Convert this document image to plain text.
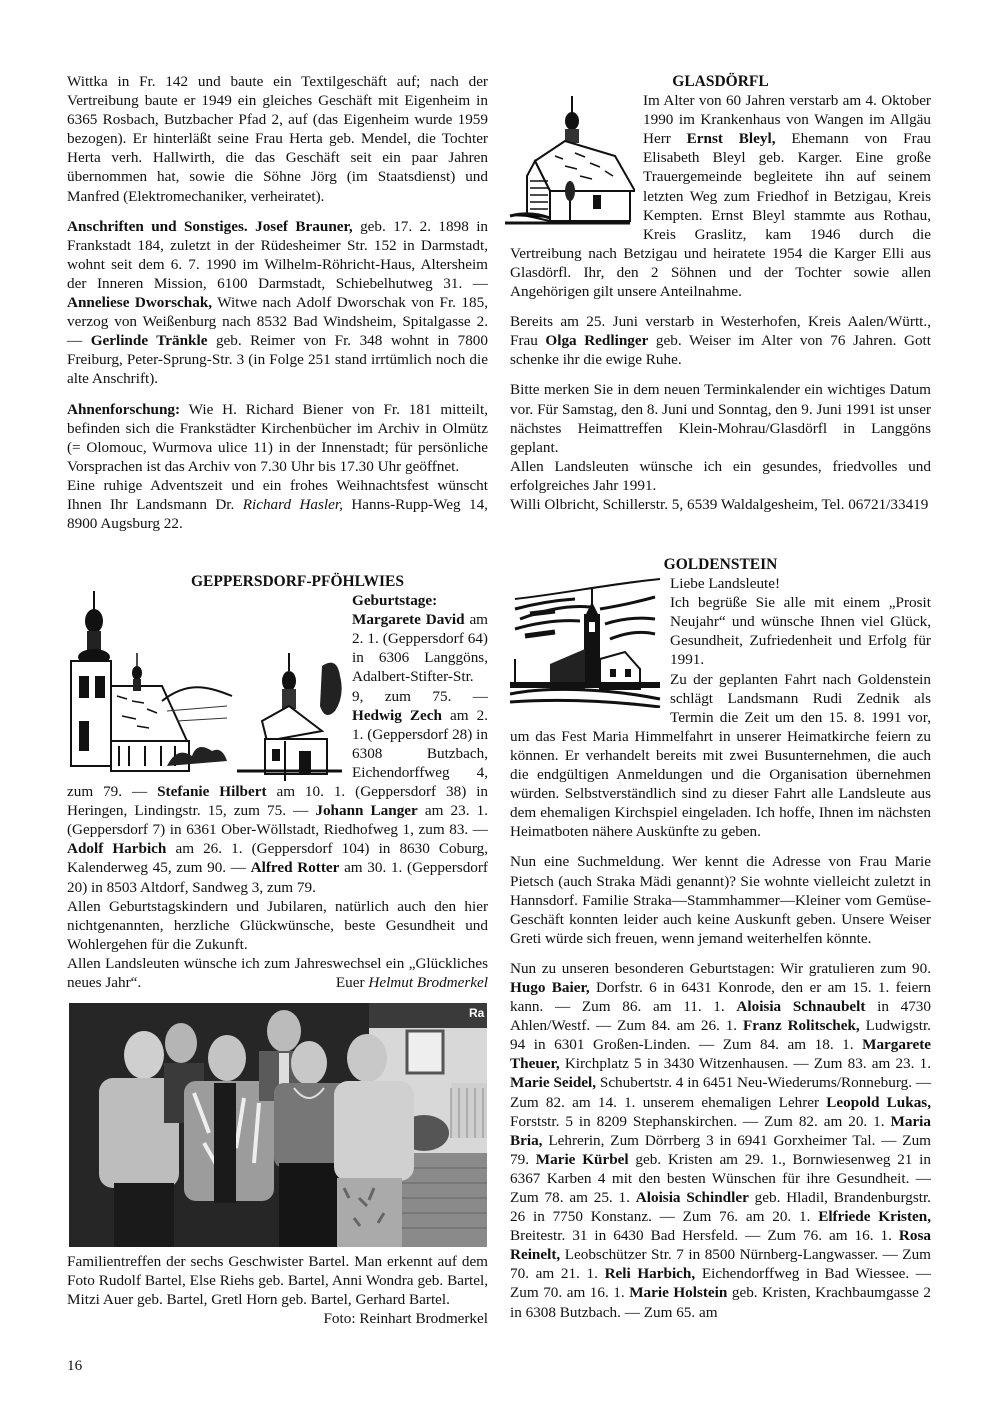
Wittka in Fr. 142 und baute ein Textilgeschäft auf; nach der Vertreibung baute er 1949 ein gleiches Geschäft mit Eigenheim in 6365 Rosbach, Butzbacher Pfad 2, auf (das Eigenheim wurde 1959 bezogen). Er hinterläßt seine Frau Herta geb. Mendel, die Tochter Herta verh. Hallwirth, die das Geschäft seit ein paar Jahren übernommen hat, sowie die Söhne Jörg (im Staatsdienst) und Manfred (Elektromechaniker, verheiratet).

Anschriften und Sonstiges. Josef Brauner, geb. 17. 2. 1898 in Frankstadt 184, zuletzt in der Rüdesheimer Str. 152 in Darmstadt, wohnt seit dem 6. 7. 1990 im Wilhelm-Röhricht-Haus, Altersheim der Inneren Mission, 6100 Darmstadt, Schiebelhutweg 31. — Anneliese Dworschak, Witwe nach Adolf Dworschak von Fr. 185, verzog von Weißenburg nach 8532 Bad Windsheim, Spitalgasse 2. — Gerlinde Tränkle geb. Reimer von Fr. 348 wohnt in 7800 Freiburg, Peter-Sprung-Str. 3 (in Folge 251 stand irrtümlich noch die alte Anschrift).

Ahnenforschung: Wie H. Richard Biener von Fr. 181 mitteilt, befinden sich die Frankstädter Kirchenbücher im Archiv in Olmütz (= Olomouc, Wurmova ulice 11) in der Innenstadt; für persönliche Vorsprachen ist das Archiv von 7.30 Uhr bis 17.30 Uhr geöffnet.

Eine ruhige Adventszeit und ein frohes Weihnachtsfest wünscht Ihnen Ihr Landsmann Dr. Richard Hasler, Hanns-Rupp-Weg 14, 8900 Augsburg 22.

GEPPERSDORF-PFÖHLWIES

Geburtstage:

Margarete David am 2. 1. (Geppersdorf 64) in 6306 Langgöns, Adalbert-Stifter-Str. 9, zum 75. — Hedwig Zech am 2. 1. (Geppersdorf 28) in 6308 Butzbach, Eichendorffweg 4, zum 79. — Stefanie Hilbert am 10. 1. (Geppersdorf 38) in Heringen, Lindingstr. 15, zum 75. — Johann Langer am 23. 1. (Geppersdorf 7) in 6361 Ober-Wöllstadt, Riedhofweg 1, zum 83. — Adolf Harbich am 26. 1. (Geppersdorf 104) in 8630 Coburg, Kalenderweg 45, zum 90. — Alfred Rotter am 30. 1. (Geppersdorf 20) in 8503 Altdorf, Sandweg 3, zum 79.

Allen Geburtstagskindern und Jubilaren, natürlich auch den hier nichtgenannten, herzliche Glückwünsche, beste Gesundheit und Wohlergehen für die Zukunft.

Allen Landsleuten wünsche ich zum Jahreswechsel ein „Glückliches neues Jahr“.	Euer Helmut Brodmerkel

Ra
Familientreffen der sechs Geschwister Bartel. Man erkennt auf dem Foto Rudolf Bartel, Else Riehs geb. Bartel, Anni Wondra geb. Bartel, Mitzi Auer geb. Bartel, Gretl Horn geb. Bartel, Gerhard Bartel.
Foto: Reinhart Brodmerkel
16

GLASDÖRFL

Im Alter von 60 Jahren verstarb am 4. Oktober 1990 im Krankenhaus von Wangen im Allgäu Herr Ernst Bleyl, Ehemann von Frau Elisabeth Bleyl geb. Karger. Eine große Trauergemeinde begleitete ihn auf seinem letzten Weg zum Friedhof in Betzigau, Kreis Kempten. Ernst Bleyl stammte aus Rothau, Kreis Graslitz, kam 1946 durch die Vertreibung nach Betzigau und heiratete 1954 die Karger Elli aus Glasdörfl. Ihr, den 2 Söhnen und der Tochter sowie allen Angehörigen gilt unsere Anteilnahme.

Bereits am 25. Juni verstarb in Westerhofen, Kreis Aalen/Württ., Frau Olga Redlinger geb. Weiser im Alter von 76 Jahren. Gott schenke ihr die ewige Ruhe.

Bitte merken Sie in dem neuen Terminkalender ein wichtiges Datum vor. Für Samstag, den 8. Juni und Sonntag, den 9. Juni 1991 ist unser nächstes Heimattreffen Klein-Mohrau/Glasdörfl in Langgöns geplant.

Allen Landsleuten wünsche ich ein gesundes, friedvolles und erfolgreiches Jahr 1991.

Willi Olbricht, Schillerstr. 5, 6539 Waldalgesheim, Tel. 06721/33419

GOLDENSTEIN

Liebe Landsleute!

Ich begrüße Sie alle mit einem „Prosit Neujahr“ und wünsche Ihnen viel Glück, Gesundheit, Zufriedenheit und Erfolg für 1991.

Zu der geplanten Fahrt nach Goldenstein schlägt Landsmann Rudi Zednik als Termin die Zeit um den 15. 8. 1991 vor, um das Fest Maria Himmelfahrt in unserer Heimatkirche feiern zu können. Er verhandelt bereits mit zwei Busunternehmen, die auch die endgültigen Anmeldungen und die Organisation übernehmen würden. Selbstverständlich sind zu dieser Fahrt alle Landsleute aus dem ehemaligen Kirchspiel eingeladen. Ich hoffe, Ihnen im nächsten Heimatboten nähere Auskünfte zu geben.

Nun eine Suchmeldung. Wer kennt die Adresse von Frau Marie Pietsch (auch Straka Mädi genannt)? Sie wohnte vielleicht zuletzt in Hannsdorf. Familie Straka—Stammhammer—Kleiner vom Gemüse-Geschäft konnten leider auch keine Auskunft geben. Unsere Weiser Greti würde sich freuen, wenn jemand weiterhelfen könnte.

Nun zu unseren besonderen Geburtstagen: Wir gratulieren zum 90. Hugo Baier, Dorfstr. 6 in 6431 Konrode, den er am 15. 1. feiern kann. — Zum 86. am 11. 1. Aloisia Schnaubelt in 4730 Ahlen/Westf. — Zum 84. am 26. 1. Franz Rolitschek, Ludwigstr. 94 in 6301 Großen-Linden. — Zum 84. am 18. 1. Margarete Theuer, Kirchplatz 5 in 3430 Witzenhausen. — Zum 83. am 23. 1. Marie Seidel, Schubertstr. 4 in 6451 Neu-Wiederums/Ronneburg. — Zum 82. am 14. 1. unserem ehemaligen Lehrer Leopold Lukas, Forststr. 5 in 8209 Stephanskirchen. — Zum 82. am 20. 1. Maria Bria, Lehrerin, Zum Dörrberg 3 in 6941 Gorxheimer Tal. — Zum 79. Marie Kürbel geb. Kristen am 29. 1., Bornwiesenweg 21 in 6367 Karben 4 mit den besten Wünschen für ihre Gesundheit. — Zum 78. am 25. 1. Aloisia Schindler geb. Hladil, Brandenburgstr. 26 in 7750 Konstanz. — Zum 76. am 20. 1. Elfriede Kristen, Breitestr. 31 in 6430 Bad Hersfeld. — Zum 76. am 16. 1. Rosa Reinelt, Leobschützer Str. 7 in 8500 Nürnberg-Langwasser. — Zum 70. am 21. 1. Reli Harbich, Eichendorffweg in Bad Wiessee. — Zum 70. am 16. 1. Marie Holstein geb. Kristen, Krachbaumgasse 2 in 6308 Butzbach. — Zum 65. am
